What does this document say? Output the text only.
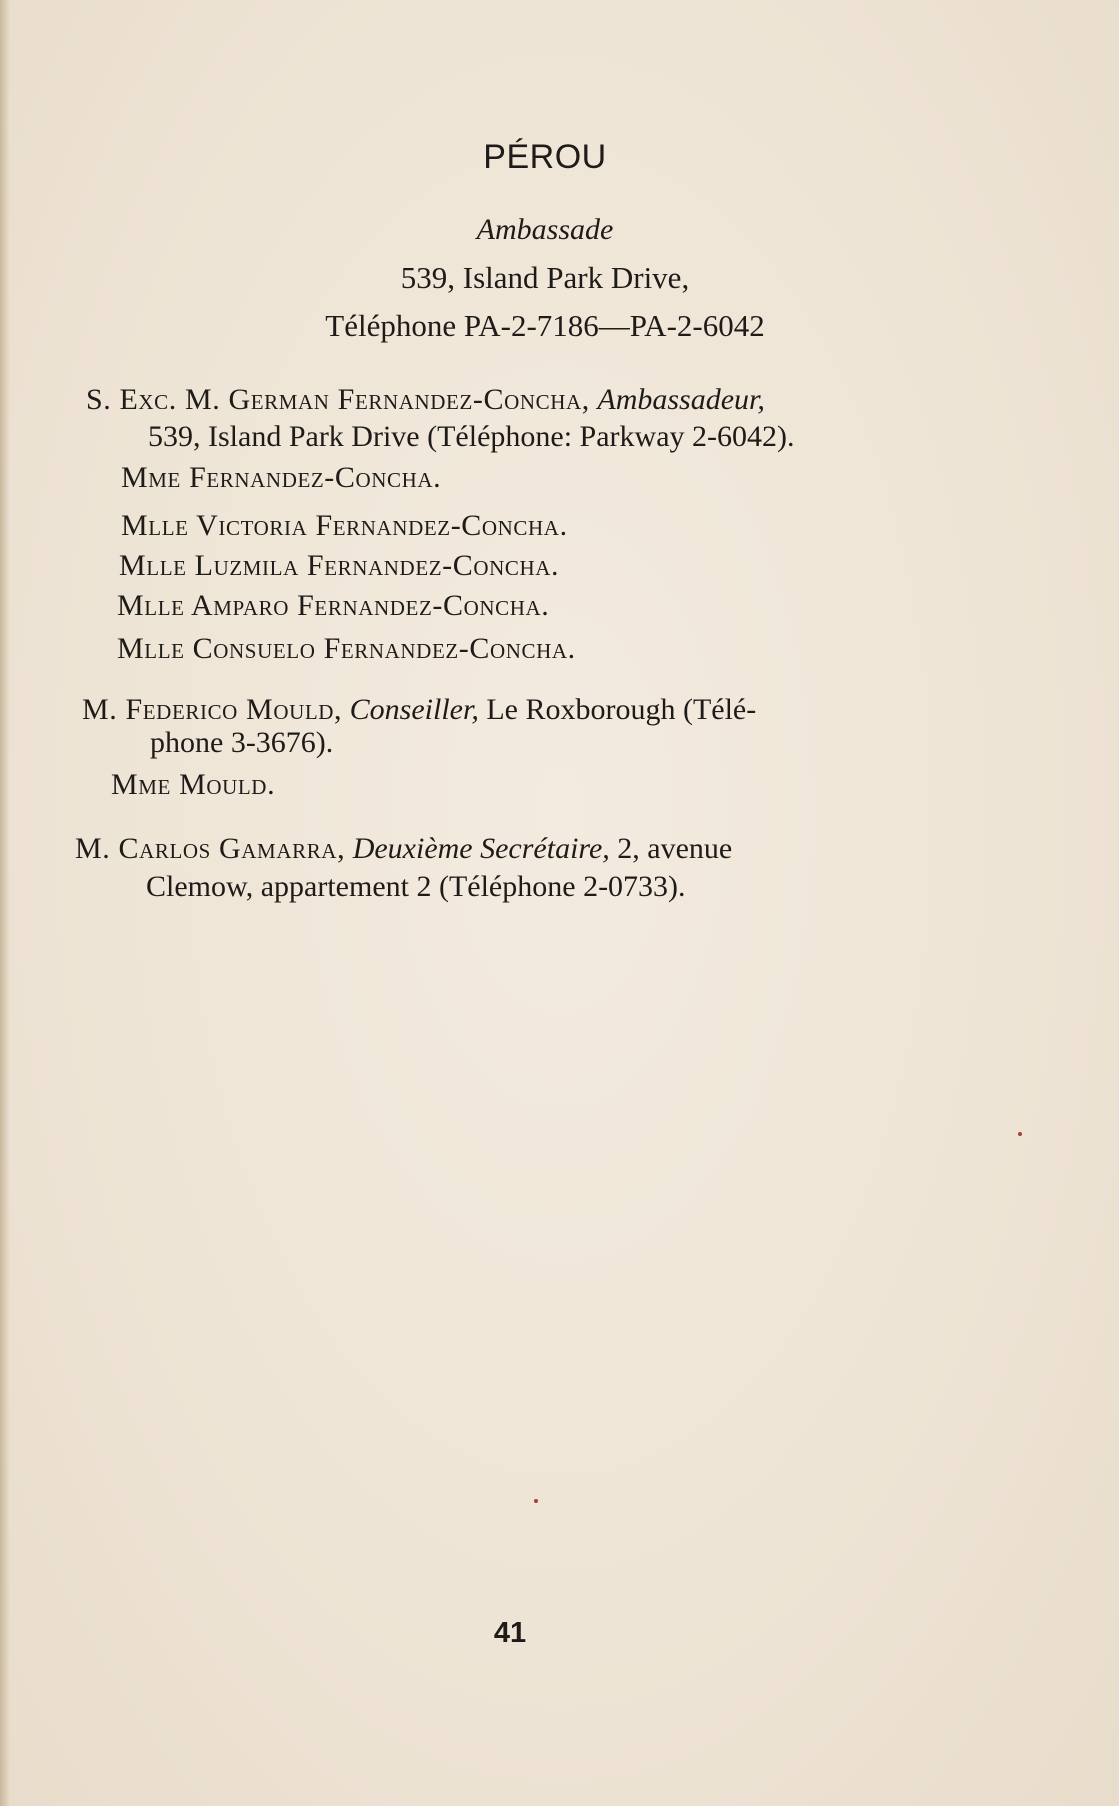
PÉROU
Ambassade
539, Island Park Drive,
Téléphone PA-2-7186—PA-2-6042
S. Exc. M. German Fernandez-Concha, Ambassadeur,
539, Island Park Drive (Téléphone: Parkway 2-6042).
Mme Fernandez-Concha.
Mlle Victoria Fernandez-Concha.
Mlle Luzmila Fernandez-Concha.
Mlle Amparo Fernandez-Concha.
Mlle Consuelo Fernandez-Concha.
M. Federico Mould, Conseiller, Le Roxborough (Télé-
phone 3-3676).
Mme Mould.
M. Carlos Gamarra, Deuxième Secrétaire, 2, avenue
Clemow, appartement 2 (Téléphone 2-0733).
41
